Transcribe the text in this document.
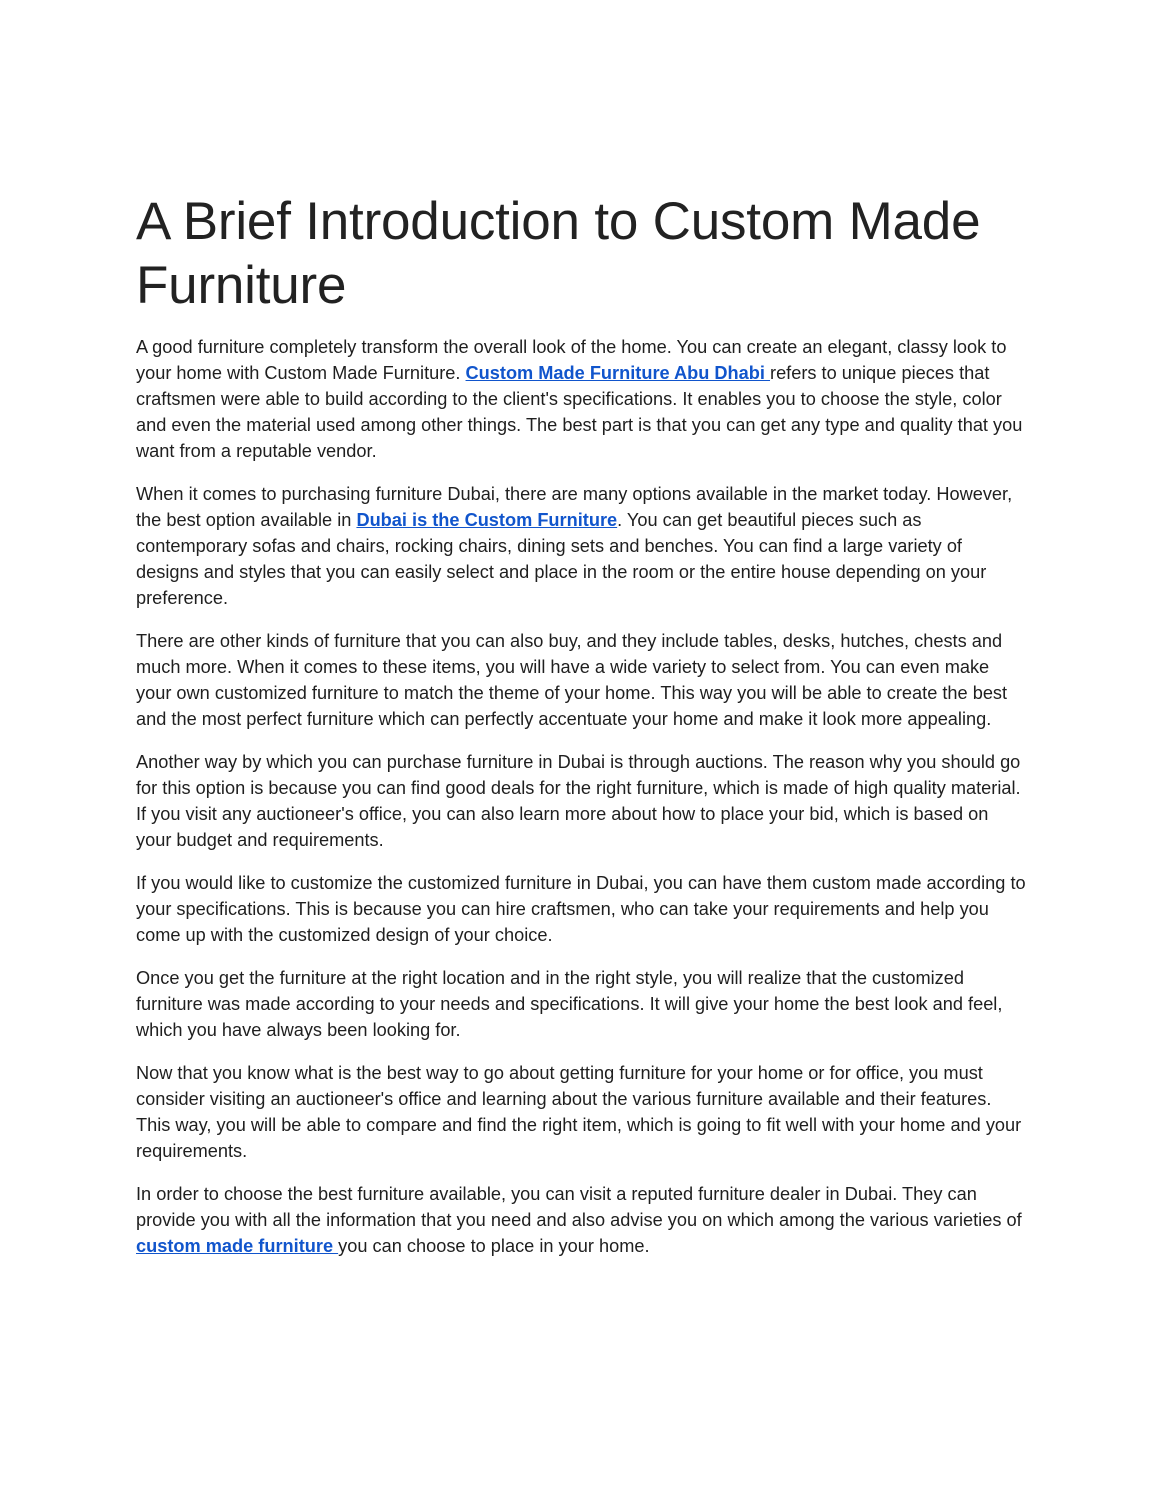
A Brief Introduction to Custom Made Furniture

A good furniture completely transform the overall look of the home. You can create an elegant, classy look to your home with Custom Made Furniture. Custom Made Furniture Abu Dhabi refers to unique pieces that craftsmen were able to build according to the client's specifications. It enables you to choose the style, color and even the material used among other things. The best part is that you can get any type and quality that you want from a reputable vendor.

When it comes to purchasing furniture Dubai, there are many options available in the market today. However, the best option available in Dubai is the Custom Furniture. You can get beautiful pieces such as contemporary sofas and chairs, rocking chairs, dining sets and benches. You can find a large variety of designs and styles that you can easily select and place in the room or the entire house depending on your preference.

There are other kinds of furniture that you can also buy, and they include tables, desks, hutches, chests and much more. When it comes to these items, you will have a wide variety to select from. You can even make your own customized furniture to match the theme of your home. This way you will be able to create the best and the most perfect furniture which can perfectly accentuate your home and make it look more appealing.

Another way by which you can purchase furniture in Dubai is through auctions. The reason why you should go for this option is because you can find good deals for the right furniture, which is made of high quality material. If you visit any auctioneer's office, you can also learn more about how to place your bid, which is based on your budget and requirements.

If you would like to customize the customized furniture in Dubai, you can have them custom made according to your specifications. This is because you can hire craftsmen, who can take your requirements and help you come up with the customized design of your choice.

Once you get the furniture at the right location and in the right style, you will realize that the customized furniture was made according to your needs and specifications. It will give your home the best look and feel, which you have always been looking for.

Now that you know what is the best way to go about getting furniture for your home or for office, you must consider visiting an auctioneer's office and learning about the various furniture available and their features. This way, you will be able to compare and find the right item, which is going to fit well with your home and your requirements.

In order to choose the best furniture available, you can visit a reputed furniture dealer in Dubai. They can provide you with all the information that you need and also advise you on which among the various varieties of custom made furniture you can choose to place in your home.
